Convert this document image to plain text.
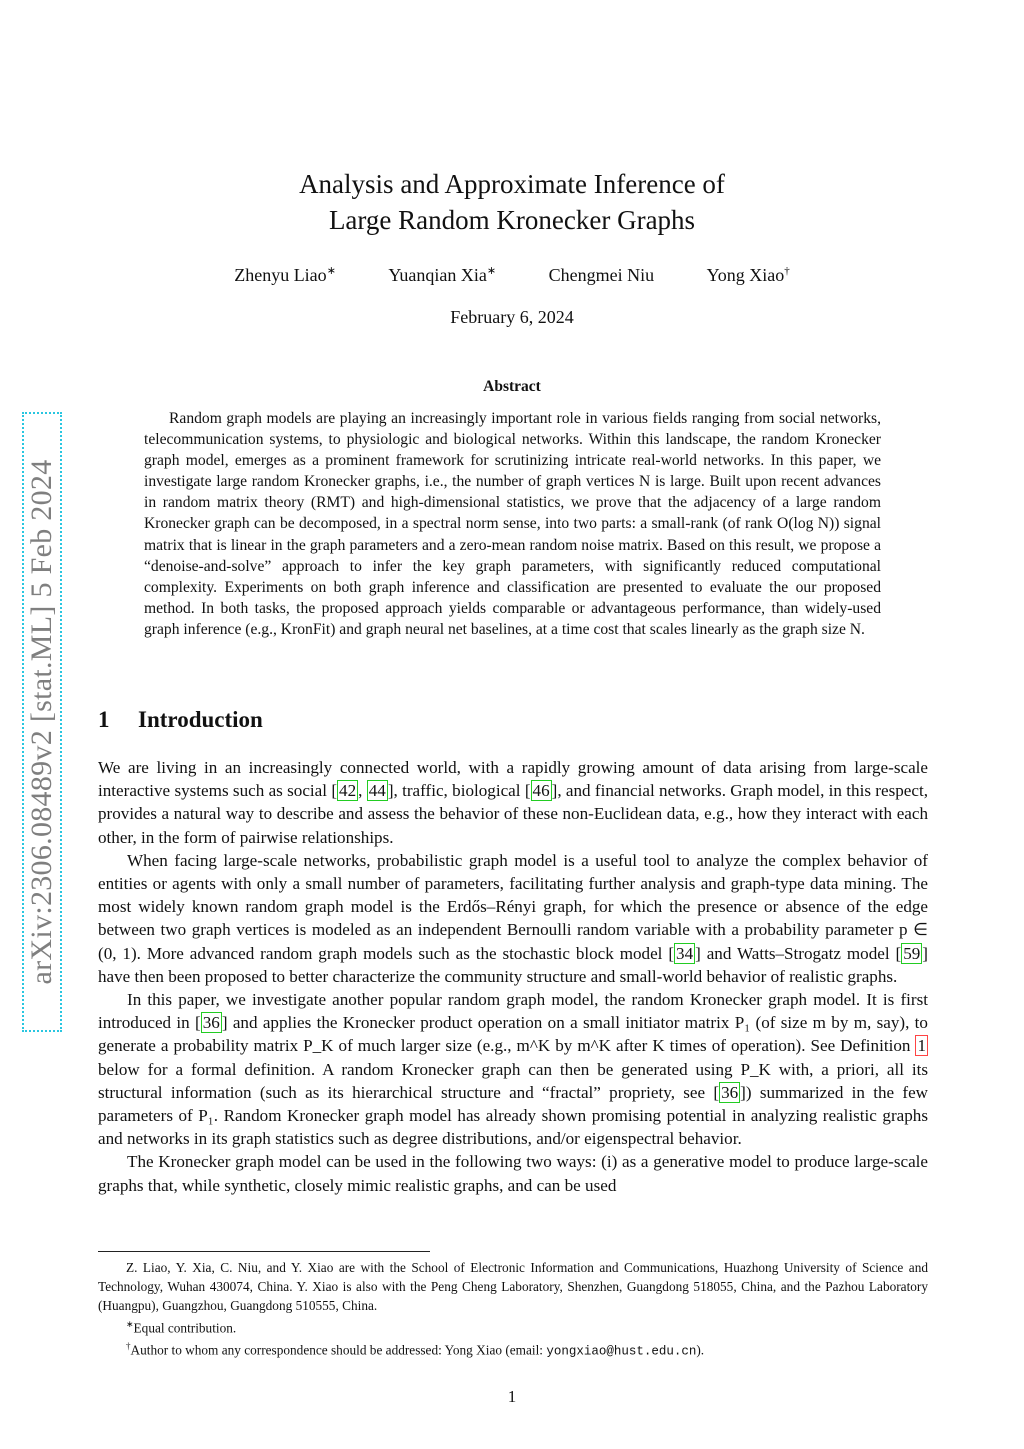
arXiv:2306.08489v2 [stat.ML] 5 Feb 2024
Analysis and Approximate Inference of
Large Random Kronecker Graphs
Zhenyu Liao∗	Yuanqian Xia∗	Chengmei Niu	Yong Xiao†
February 6, 2024
Abstract
Random graph models are playing an increasingly important role in various fields ranging from social networks, telecommunication systems, to physiologic and biological networks. Within this landscape, the random Kronecker graph model, emerges as a prominent framework for scrutinizing intricate real-world networks. In this paper, we investigate large random Kronecker graphs, i.e., the number of graph vertices N is large. Built upon recent advances in random matrix theory (RMT) and high-dimensional statistics, we prove that the adjacency of a large random Kronecker graph can be decomposed, in a spectral norm sense, into two parts: a small-rank (of rank O(log N)) signal matrix that is linear in the graph parameters and a zero-mean random noise matrix. Based on this result, we propose a “denoise-and-solve” approach to infer the key graph parameters, with significantly reduced computational complexity. Experiments on both graph inference and classification are presented to evaluate the our proposed method. In both tasks, the proposed approach yields comparable or advantageous performance, than widely-used graph inference (e.g., KronFit) and graph neural net baselines, at a time cost that scales linearly as the graph size N.
1 Introduction

We are living in an increasingly connected world, with a rapidly growing amount of data arising from large-scale interactive systems such as social [ 42 , 44 ], traffic, biological [ 46 ], and financial networks. Graph model, in this respect, provides a natural way to describe and assess the behavior of these non-Euclidean data, e.g., how they interact with each other, in the form of pairwise relationships.

When facing large-scale networks, probabilistic graph model is a useful tool to analyze the complex behavior of entities or agents with only a small number of parameters, facilitating further analysis and graph-type data mining. The most widely known random graph model is the Erdős–Rényi graph, for which the presence or absence of the edge between two graph vertices is modeled as an independent Bernoulli random variable with a probability parameter p ∈ (0, 1). More advanced random graph models such as the stochastic block model [ 34 ] and Watts–Strogatz model [ 59 ] have then been proposed to better characterize the community structure and small-world behavior of realistic graphs.

In this paper, we investigate another popular random graph model, the random Kronecker graph model. It is first introduced in [ 36 ] and applies the Kronecker product operation on a small initiator matrix P₁ (of size m by m, say), to generate a probability matrix P_K of much larger size (e.g., m^K by m^K after K times of operation). See Definition 1 below for a formal definition. A random Kronecker graph can then be generated using P_K with, a priori, all its structural information (such as its hierarchical structure and “fractal” propriety, see [ 36 ]) summarized in the few parameters of P₁. Random Kronecker graph model has already shown promising potential in analyzing realistic graphs and networks in its graph statistics such as degree distributions, and/or eigenspectral behavior.

The Kronecker graph model can be used in the following two ways: (i) as a generative model to produce large-scale graphs that, while synthetic, closely mimic realistic graphs, and can be used

Z. Liao, Y. Xia, C. Niu, and Y. Xiao are with the School of Electronic Information and Communications, Huazhong University of Science and Technology, Wuhan 430074, China. Y. Xiao is also with the Peng Cheng Laboratory, Shenzhen, Guangdong 518055, China, and the Pazhou Laboratory (Huangpu), Guangzhou, Guangdong 510555, China.

∗Equal contribution.

†Author to whom any correspondence should be addressed: Yong Xiao (email: yongxiao@hust.edu.cn).

1
